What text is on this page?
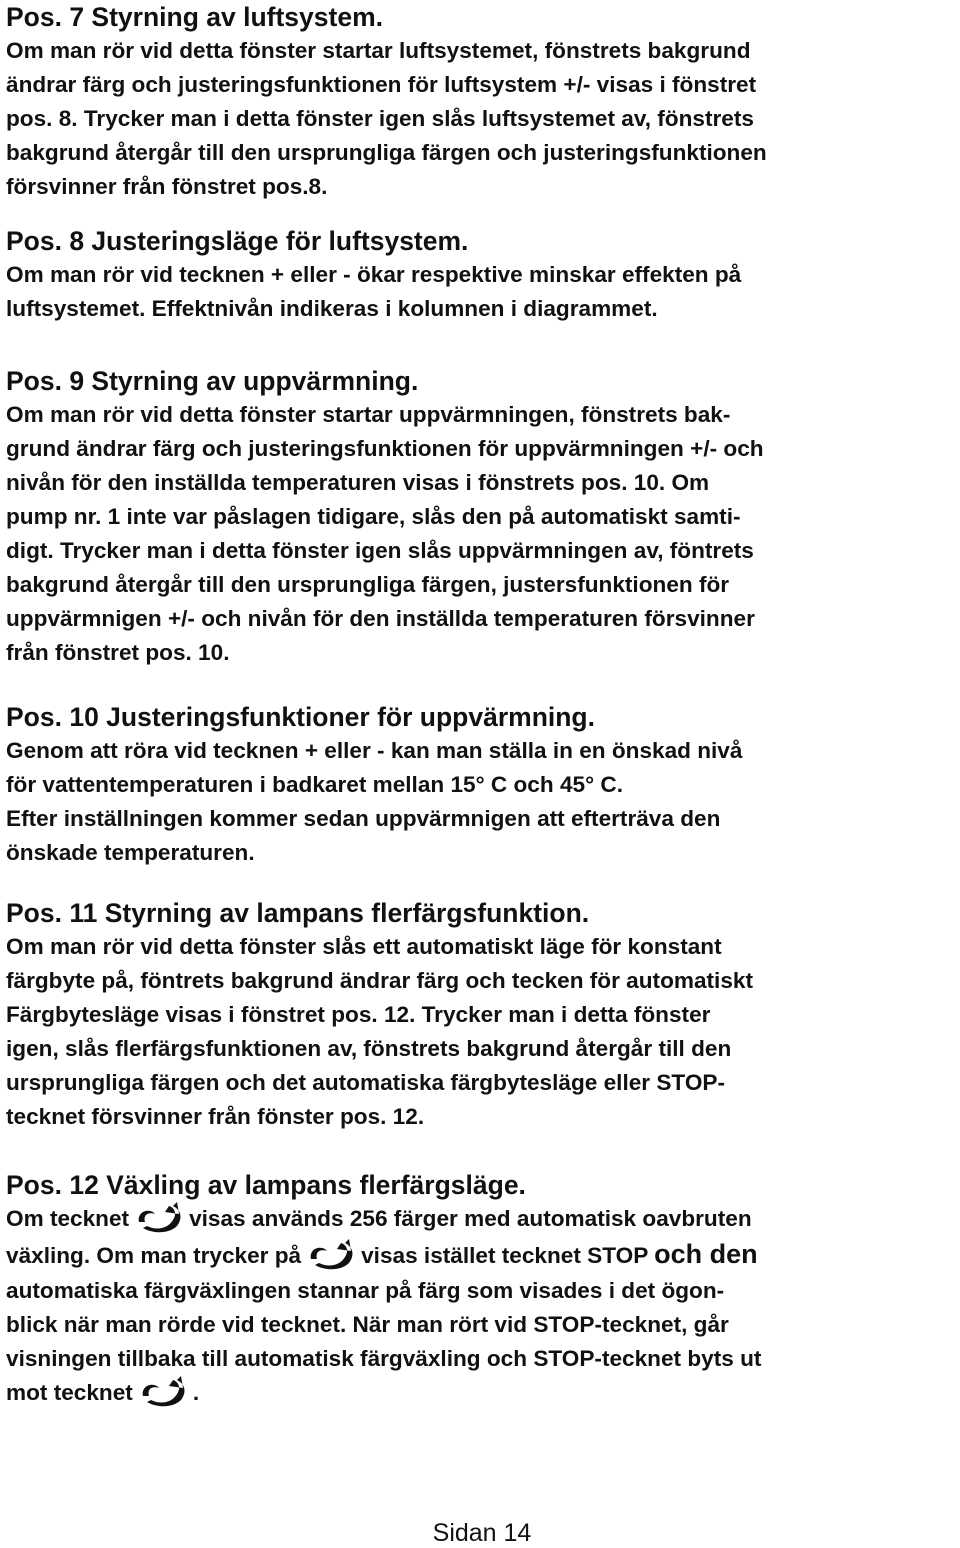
Pos. 7 Styrning av luftsystem.

Om man rör vid detta fönster startar luftsystemet, fönstrets bakgrund
ändrar färg och justeringsfunktionen för luftsystem +/- visas i fönstret
pos. 8. Trycker man i detta fönster igen slås luftsystemet av, fönstrets
bakgrund återgår till den ursprungliga färgen och justeringsfunktionen
försvinner från fönstret pos.8.

Pos. 8 Justeringsläge för luftsystem.

Om man rör vid tecknen + eller - ökar respektive minskar effekten på
luftsystemet. Effektnivån indikeras i kolumnen i diagrammet.

Pos. 9 Styrning av uppvärmning.

Om man rör vid detta fönster startar uppvärmningen, fönstrets bak-
grund ändrar färg och justeringsfunktionen för uppvärmningen +/- och
nivån för den inställda temperaturen visas i fönstrets pos. 10. Om
pump nr. 1 inte var påslagen tidigare, slås den på automatiskt samti-
digt. Trycker man i detta fönster igen slås uppvärmningen av, föntrets
bakgrund återgår till den ursprungliga färgen, justersfunktionen för
uppvärmnigen +/- och nivån för den inställda temperaturen försvinner
från fönstret pos. 10.

Pos. 10 Justeringsfunktioner för uppvärmning.

Genom att röra vid tecknen + eller - kan man ställa in en önskad nivå
för vattentemperaturen i badkaret mellan 15° C och 45° C.
Efter inställningen kommer sedan uppvärmnigen att efterträva den
önskade temperaturen.

Pos. 11 Styrning av lampans flerfärgsfunktion.

Om man rör vid detta fönster slås ett automatiskt läge för konstant
färgbyte på, föntrets bakgrund ändrar färg och tecken för automatiskt
Färgbytesläge visas i fönstret pos. 12. Trycker man i detta fönster
igen, slås flerfärgsfunktionen av, fönstrets bakgrund återgår till den
ursprungliga färgen och det automatiska färgbytesläge eller STOP-
tecknet försvinner från fönster pos. 12.

Pos. 12 Växling av lampans flerfärgsläge.

Om tecknet	visas används 256 färger med automatisk oavbruten
växling. Om man trycker på	visas istället tecknet STOP och den
automatiska färgväxlingen stannar på färg som visades i det ögon-
blick när man rörde vid tecknet. När man rört vid STOP-tecknet, går
visningen tillbaka till automatisk färgväxling och STOP-tecknet byts ut
mot tecknet	.

Sidan 14
